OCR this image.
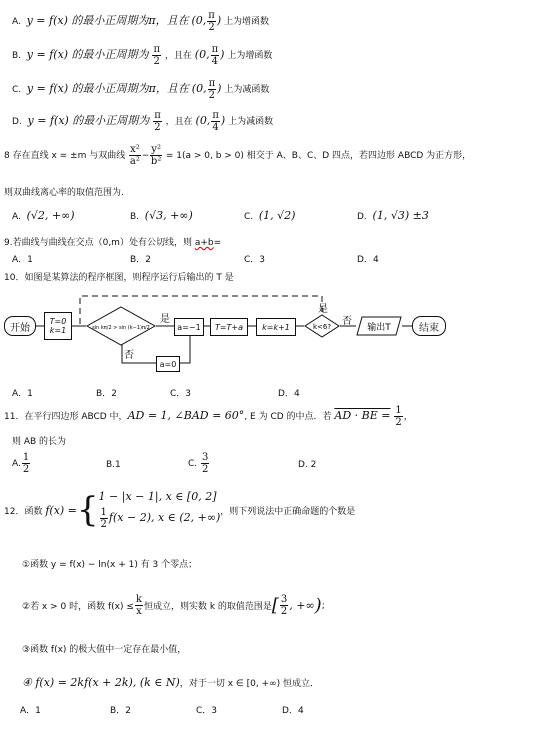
A. y = f(x) 的最小正周期为π，且在 (0, $\frac{\pi}{2}$ ) 上为增函数
B. y = f(x) 的最小正周期为 $\frac{\pi}{2}$ ，且在 (0, $\frac{\pi}{4}$ ) 上为增函数
C. y = f(x) 的最小正周期为π，且在 (0, $\frac{\pi}{2}$ ) 上为减函数
D. y = f(x) 的最小正周期为 $\frac{\pi}{2}$ ，且在 (0, $\frac{\pi}{4}$ ) 上为减函数
8 存在直线 x = ±m 与双曲线 $\frac{\text{x²}}{\text{a²}} - \frac{\text{y²}}{\text{b²}} = 1(a > 0$, b > 0) 相交于 A、B、C、D 四点，若四边形 ABCD 为正方形，
则双曲线离心率的取值范围为.
A. (√2, +∞)	B. (√3, +∞)	C. (1, √2)	D. (1, √3) ±3
9.若曲线与曲线在交点（0,m）处有公切线，则 a+b=
A．1	B．2	C．3	D．4
10．如图是某算法的程序框图，则程序运行后输出的 T 是
开始
T=0
k=1	sin kπ/2 > sin (k−1)π/2
是
否
a=−1	T=T+a	k=k+1	k<6?
是
否
a=0
输出T	结束
A．1	B．2	C．3	D．4
11．在平行四边形 ABCD 中，AD = 1, ∠BAD = 60°, E 为 CD 的中点．若 AD · BE = $\frac{1}{2}$ ，
则 AB 的长为
A. $\frac{1}{2}$	B.1	C. $\frac{3}{2}$	D. 2
12．函数
f(x) = { 1 − |x − 1|, x ∈ [0, 2]
$\frac{1}{2} f(x - 2)$, x ∈ (2, +∞) ，则下列说法中正确命题的个数是
①函数 y = f(x) − ln(x + 1) 有 3 个零点；
②若 x > 0 时，函数 $f(x) \le \frac{k}{x}$ 恒成立，则实数 k 的取值范围是 [ $\frac{3}{2}$ , +∞ ) ;
③函数 f(x) 的极大值中一定存在最小值，
④ f(x) = 2kf(x + 2k), (k ∈ N)，对于一切 x ∈ [0, +∞) 恒成立．
A．1	B．2	C．3	D．4
